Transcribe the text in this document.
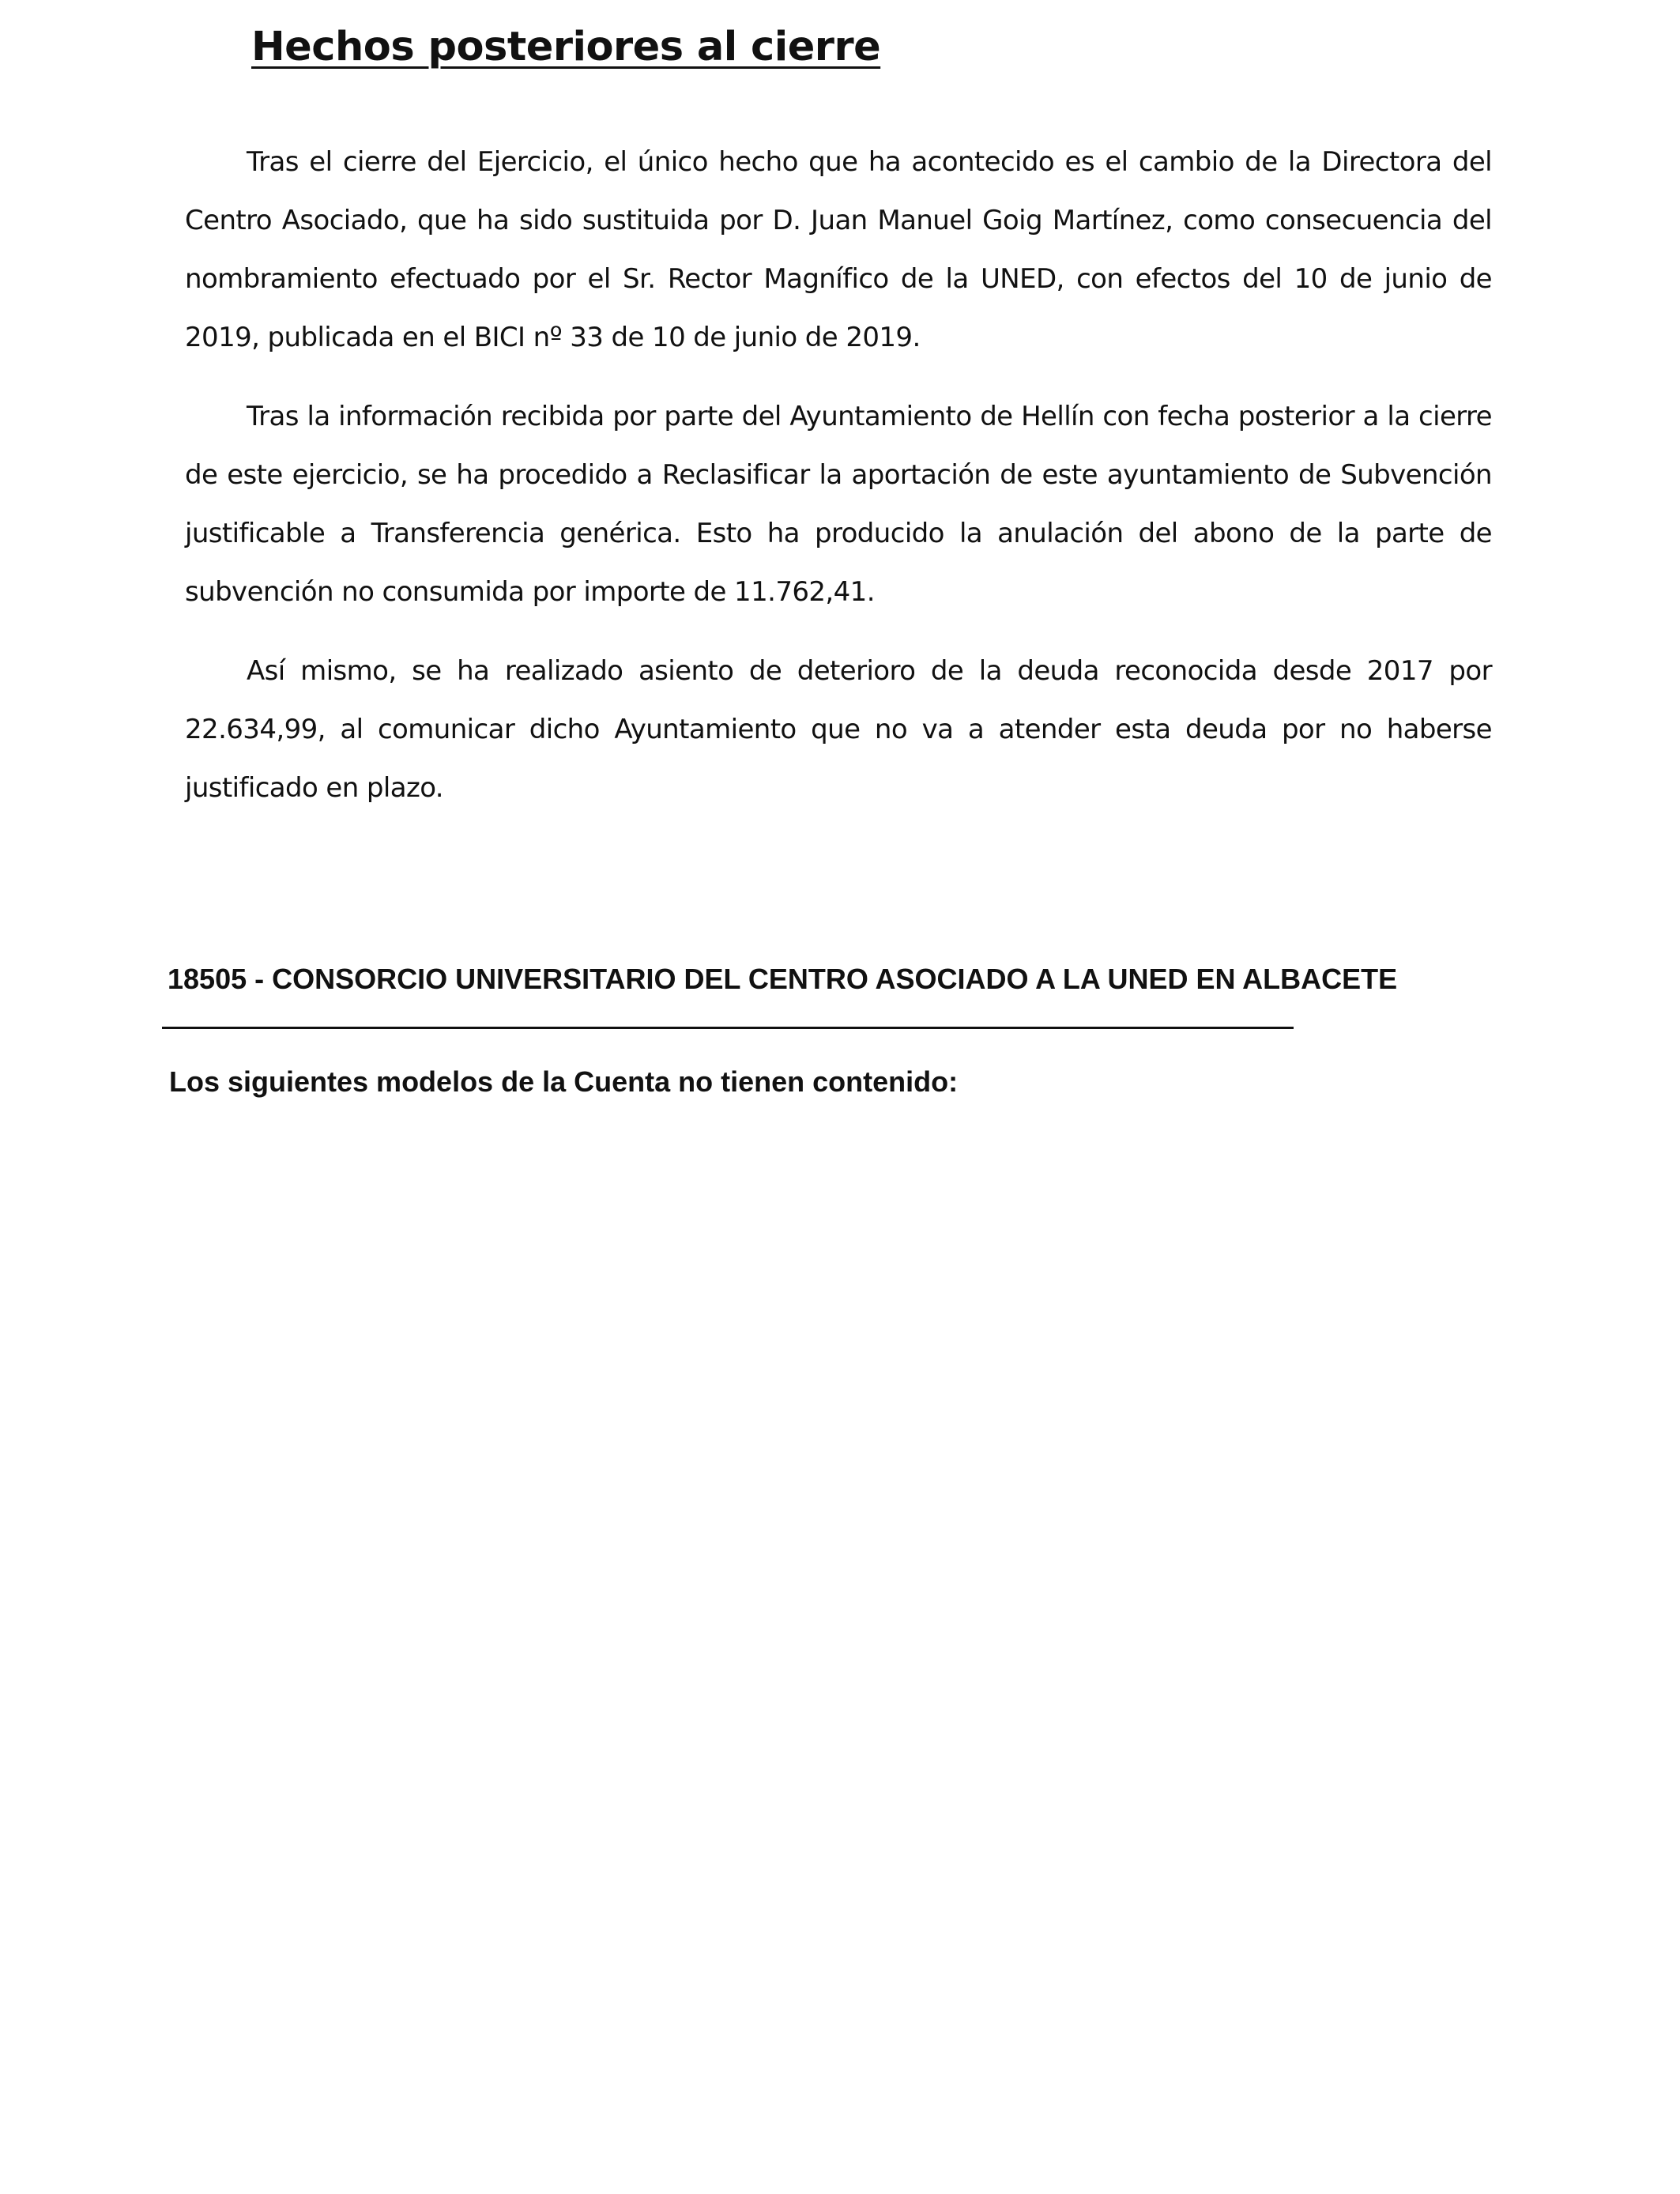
Hechos posteriores al cierre

Tras el cierre del Ejercicio, el único hecho que ha acontecido es el cambio de la Directora del Centro Asociado, que ha sido sustituida por D. Juan Manuel Goig Martínez, como consecuencia del nombramiento efectuado por el Sr. Rector Magnífico de la UNED, con efectos del 10 de junio de 2019, publicada en el BICI nº 33 de 10 de junio de 2019.

Tras la información recibida por parte del Ayuntamiento de Hellín con fecha posterior a la cierre de este ejercicio, se ha procedido a Reclasificar la aportación de este ayuntamiento de Subvención justificable a Transferencia genérica. Esto ha producido la anulación del abono de la parte de subvención no consumida por importe de 11.762,41.

Así mismo, se ha realizado asiento de deterioro de la deuda reconocida desde 2017 por 22.634,99, al comunicar dicho Ayuntamiento que no va a atender esta deuda por no haberse justificado en plazo.

18505 - CONSORCIO UNIVERSITARIO DEL CENTRO ASOCIADO A LA UNED EN ALBACETE
Los siguientes modelos de la Cuenta no tienen contenido:
